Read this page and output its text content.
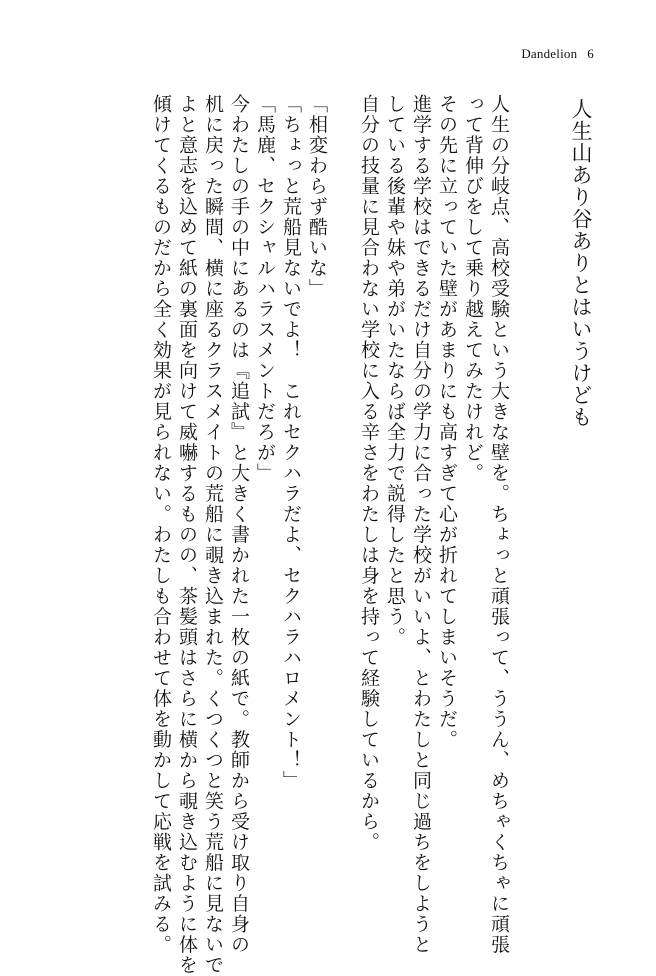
Dandelion 6
人生山あり谷ありとはいうけども
人生の分岐点、高校受験という大きな壁を。ちょっと頑張って、ううん、めちゃくちゃに頑張
って背伸びをして乗り越えてみたけれど。
その先に立っていた壁があまりにも高すぎて心が折れてしまいそうだ。
進学する学校はできるだけ自分の学力に合った学校がいいよ、とわたしと同じ過ちをしようと
している後輩や妹や弟がいたならば全力で説得したと思う。
自分の技量に見合わない学校に入る辛さをわたしは身を持って経験しているから。
「相変わらず酷いな」
「ちょっと荒船見ないでよ！　これセクハラだよ、セクハラハロメント！」
「馬鹿、セクシャルハラスメントだろが」
今わたしの手の中にあるのは『追試』と大きく書かれた一枚の紙で。教師から受け取り自身の
机に戻った瞬間、横に座るクラスメイトの荒船に覗き込まれた。くつくつと笑う荒船に見ないで
よと意志を込めて紙の裏面を向けて威嚇するものの、茶髪頭はさらに横から覗き込むように体を
傾けてくるものだから全く効果が見られない。わたしも合わせて体を動かして応戦を試みる。
